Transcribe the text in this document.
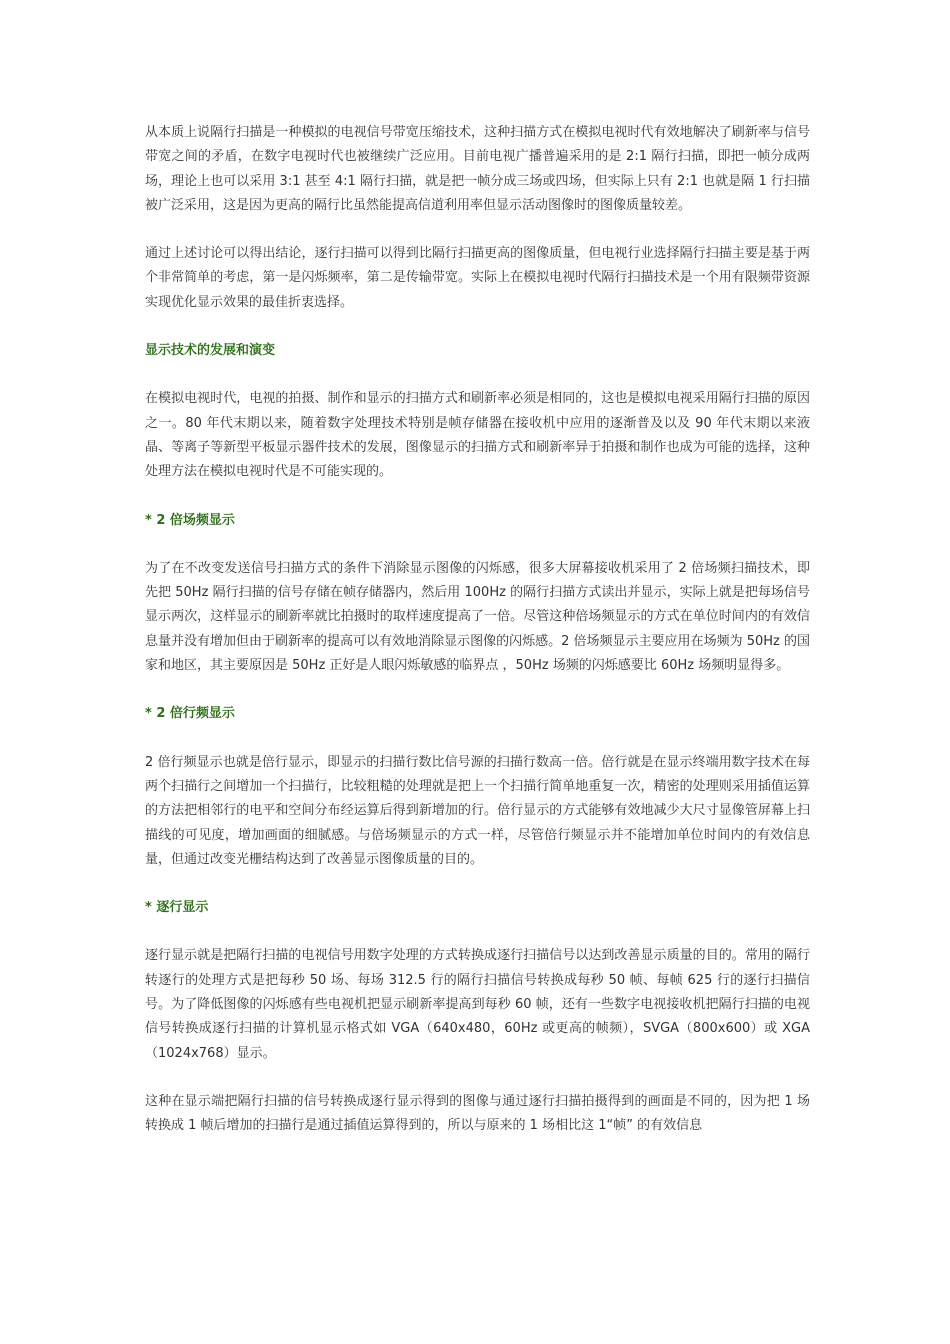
从本质上说隔行扫描是一种模拟的电视信号带宽压缩技术，这种扫描方式在模拟电视时代有效地解决了刷新率与信号带宽之间的矛盾，在数字电视时代也被继续广泛应用。目前电视广播普遍采用的是 2:1 隔行扫描，即把一帧分成两场，理论上也可以采用 3:1 甚至 4:1 隔行扫描，就是把一帧分成三场或四场，但实际上只有 2:1 也就是隔 1 行扫描被广泛采用，这是因为更高的隔行比虽然能提高信道利用率但显示活动图像时的图像质量较差。

通过上述讨论可以得出结论，逐行扫描可以得到比隔行扫描更高的图像质量，但电视行业选择隔行扫描主要是基于两个非常简单的考虑，第一是闪烁频率，第二是传输带宽。实际上在模拟电视时代隔行扫描技术是一个用有限频带资源实现优化显示效果的最佳折衷选择。

显示技术的发展和演变

在模拟电视时代，电视的拍摄、制作和显示的扫描方式和刷新率必须是相同的，这也是模拟电视采用隔行扫描的原因之一。80 年代末期以来，随着数字处理技术特别是帧存储器在接收机中应用的逐渐普及以及 90 年代末期以来液晶、等离子等新型平板显示器件技术的发展，图像显示的扫描方式和刷新率异于拍摄和制作也成为可能的选择，这种处理方法在模拟电视时代是不可能实现的。

* 2 倍场频显示

为了在不改变发送信号扫描方式的条件下消除显示图像的闪烁感，很多大屏幕接收机采用了 2 倍场频扫描技术，即先把 50Hz 隔行扫描的信号存储在帧存储器内，然后用 100Hz 的隔行扫描方式读出并显示，实际上就是把每场信号显示两次，这样显示的刷新率就比拍摄时的取样速度提高了一倍。尽管这种倍场频显示的方式在单位时间内的有效信息量并没有增加但由于刷新率的提高可以有效地消除显示图像的闪烁感。2 倍场频显示主要应用在场频为 50Hz 的国家和地区，其主要原因是 50Hz 正好是人眼闪烁敏感的临界点 ，50Hz 场频的闪烁感要比 60Hz 场频明显得多。

* 2 倍行频显示

2 倍行频显示也就是倍行显示，即显示的扫描行数比信号源的扫描行数高一倍。倍行就是在显示终端用数字技术在每两个扫描行之间增加一个扫描行，比较粗糙的处理就是把上一个扫描行简单地重复一次，精密的处理则采用插值运算的方法把相邻行的电平和空间分布经运算后得到新增加的行。倍行显示的方式能够有效地减少大尺寸显像管屏幕上扫描线的可见度，增加画面的细腻感。与倍场频显示的方式一样，尽管倍行频显示并不能增加单位时间内的有效信息量，但通过改变光栅结构达到了改善显示图像质量的目的。

* 逐行显示

逐行显示就是把隔行扫描的电视信号用数字处理的方式转换成逐行扫描信号以达到改善显示质量的目的。常用的隔行转逐行的处理方式是把每秒 50 场、每场 312.5 行的隔行扫描信号转换成每秒 50 帧、每帧 625 行的逐行扫描信号。为了降低图像的闪烁感有些电视机把显示刷新率提高到每秒 60 帧，还有一些数字电视接收机把隔行扫描的电视信号转换成逐行扫描的计算机显示格式如 VGA（640x480，60Hz 或更高的帧频），SVGA（800x600）或 XGA（1024x768）显示。

这种在显示端把隔行扫描的信号转换成逐行显示得到的图像与通过逐行扫描拍摄得到的画面是不同的，因为把 1 场转换成 1 帧后增加的扫描行是通过插值运算得到的，所以与原来的 1 场相比这 1“帧” 的有效信息
